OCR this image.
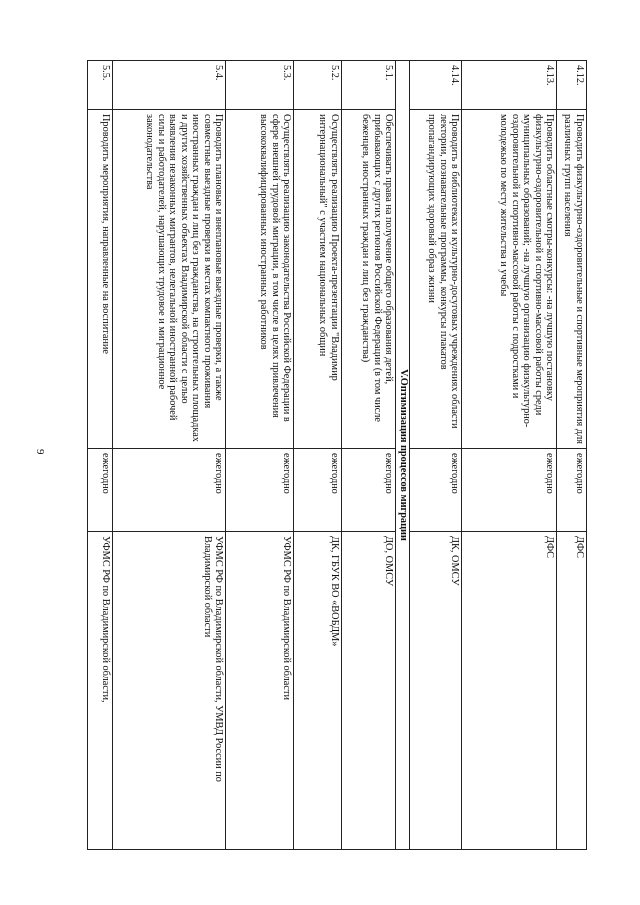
9
4.12.	Проводить физкультурно-оздоровительные и спортивные мероприятия для различных групп населения	ежегодно	ДФС
4.13.	Проводить областные смотры-конкурсы: -на лучшую постановку физкультурно-оздоровительной и спортивно-массовой работы среди муниципальных образований; -на лучшую организацию физкультурно-оздоровительной и спортивно-массовой работы с подростками и молодежью по месту жительства и учебы	ежегодно	ДФС
4.14.	Проводить в библиотеках и культурно-досуговых учреждениях области лектории, познавательные программы, конкурсы плакатов пропагандирующих здоровый образ жизни	ежегодно	ДК, ОМСУ
V.Оптимизация процессов миграции			
5.1.	Обеспечивать права на получение общего образования детей, прибывающих с других регионов Российской Федерации (в том числе беженцев, иностранных граждан и лиц без гражданства)	ежегодно	ДО, ОМСУ
5.2.	Осуществлять реализацию Проекта-презентации "Владимир интернациональный" с участием национальных общин	ежегодно	ДК, ГБУК ВО «ВОБДМ»
5.3.	Осуществлять реализацию законодательства Российской Федерации в сфере внешней трудовой миграции, в том числе в целях привлечения высококвалифицированных иностранных работников	ежегодно	УФМС РФ по Владимирской области
5.4.	Проводить плановые и внеплановые выездные проверки, а также совместные выездные проверки в местах компактного проживания иностранных граждан и лиц без гражданства, на строительных площадках и других хозяйственных объектах Владимирской области с целью выявления незаконных мигрантов, нелегальной иностранной рабочей силы и работодателей, нарушающих трудовое и миграционное законодательства	ежегодно	УФМС РФ по Владимирской области, УМВД России по Владимирской области
5.5.	Проводить мероприятия, направленные на воспитание	ежегодно	УФМС РФ по Владимирской области,
